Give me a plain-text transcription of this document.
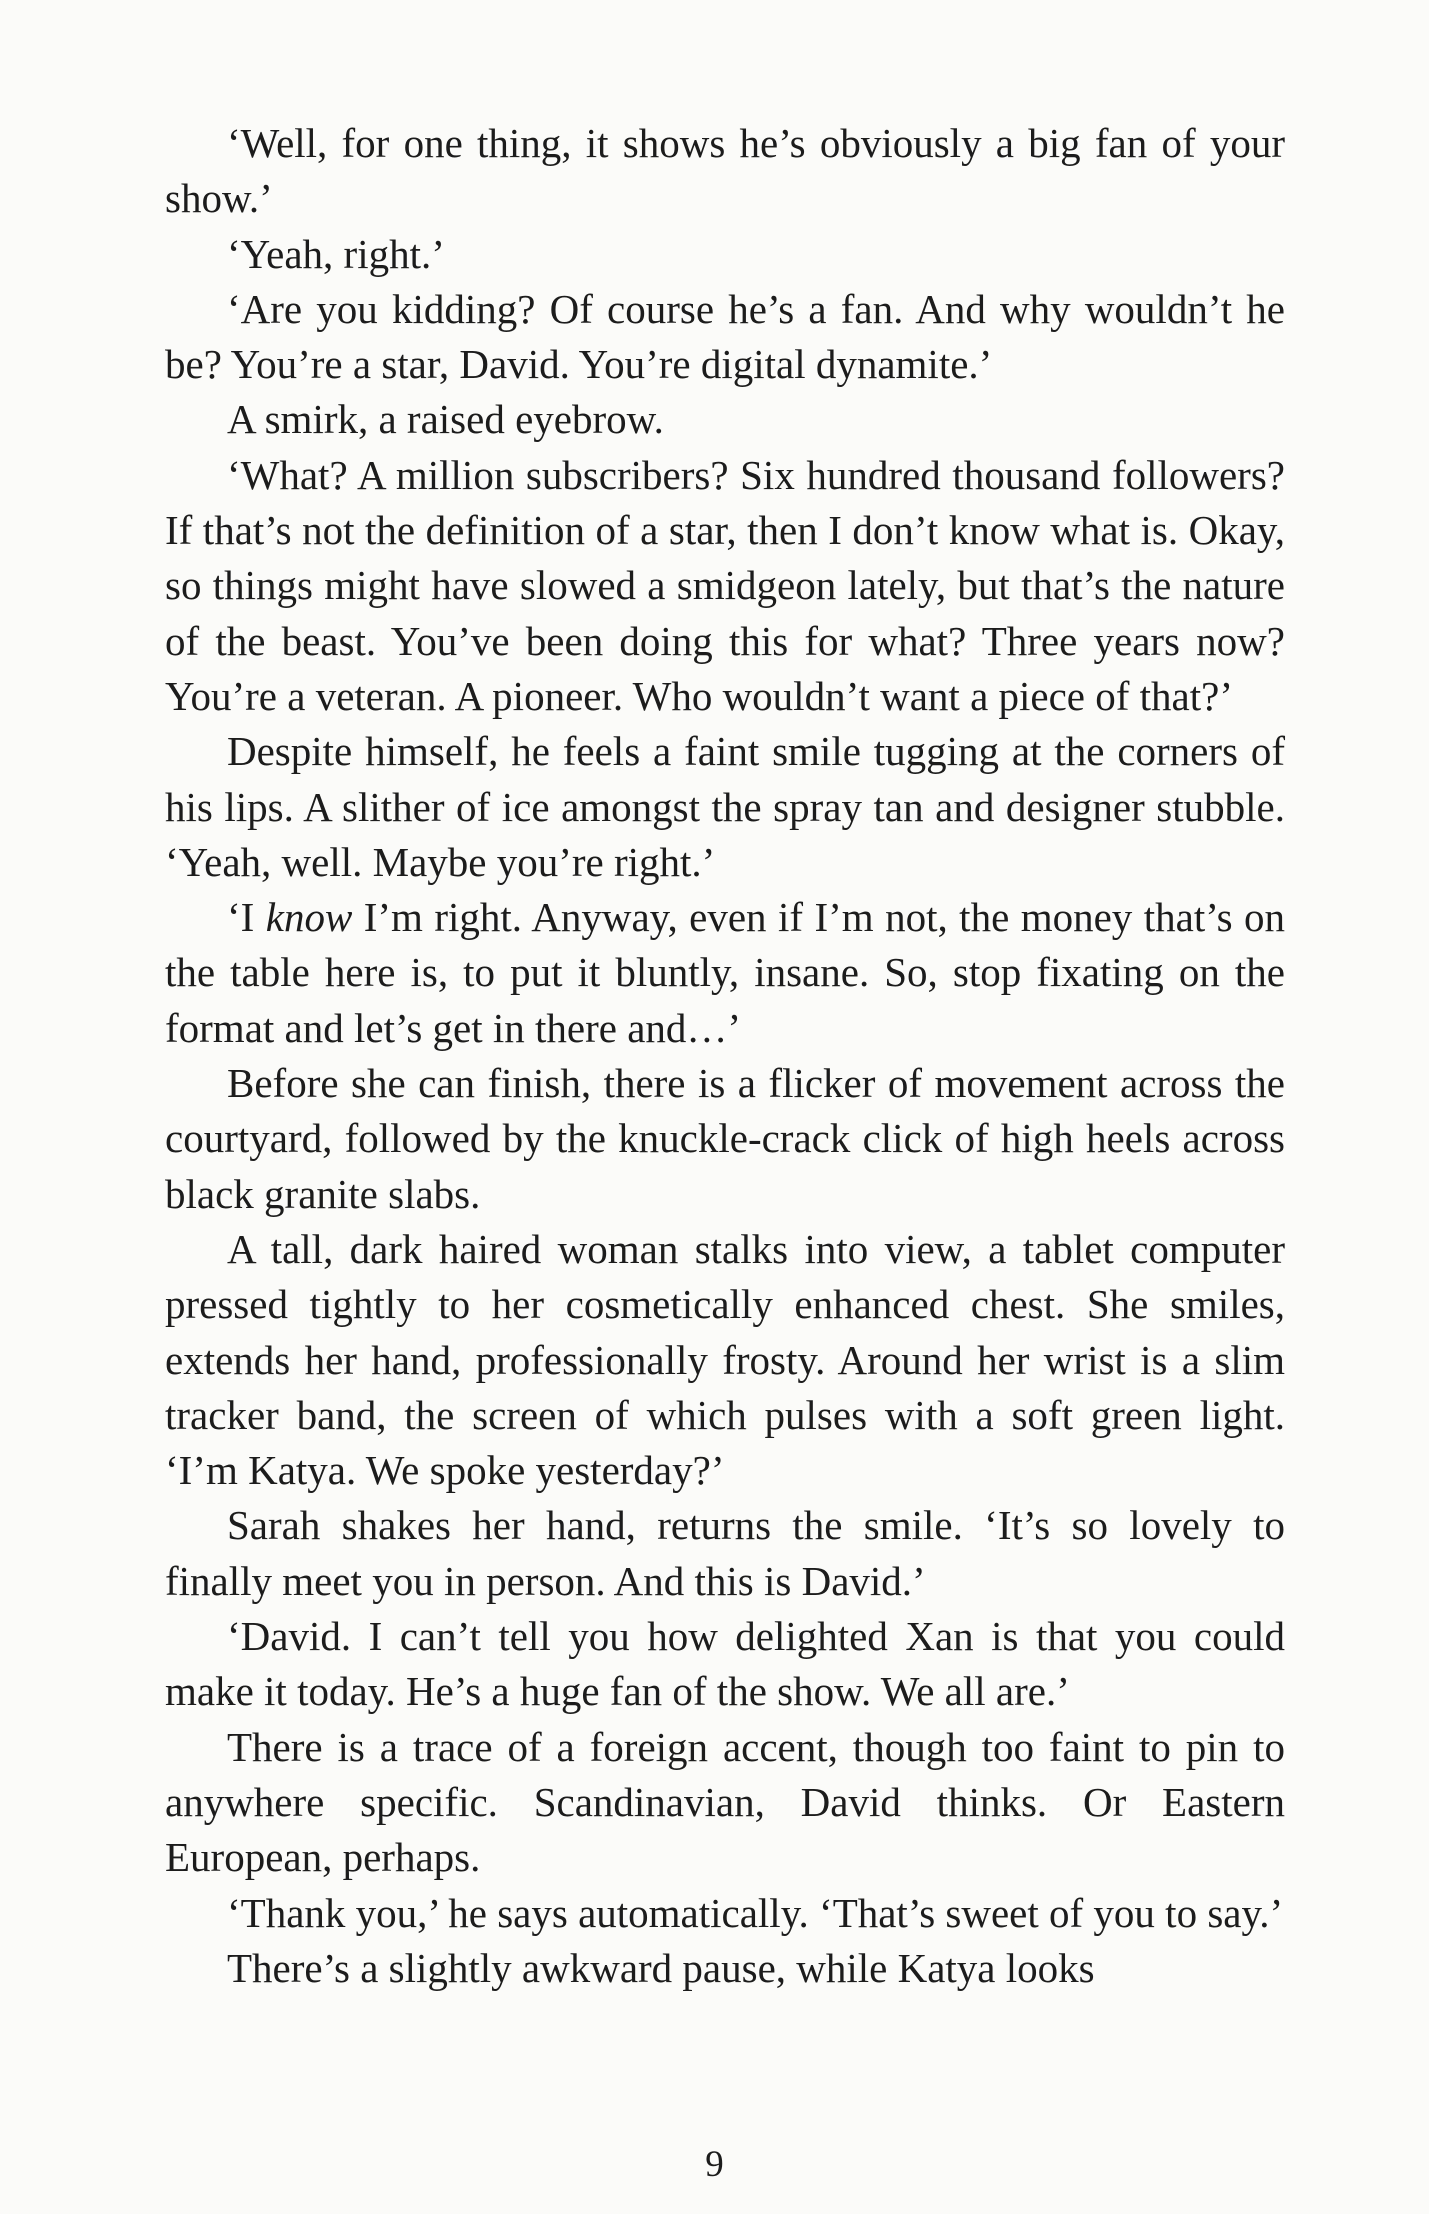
‘Well, for one thing, it shows he’s obviously a big fan of your show.’

‘Yeah, right.’

‘Are you kidding? Of course he’s a fan. And why wouldn’t he be? You’re a star, David. You’re digital dynamite.’

A smirk, a raised eyebrow.

‘What? A million subscribers? Six hundred thousand followers? If that’s not the definition of a star, then I don’t know what is. Okay, so things might have slowed a smidgeon lately, but that’s the nature of the beast. You’ve been doing this for what? Three years now? You’re a veteran. A pioneer. Who wouldn’t want a piece of that?’

Despite himself, he feels a faint smile tugging at the corners of his lips. A slither of ice amongst the spray tan and designer stubble. ‘Yeah, well. Maybe you’re right.’

‘I know I’m right. Anyway, even if I’m not, the money that’s on the table here is, to put it bluntly, insane. So, stop fixating on the format and let’s get in there and…’

Before she can finish, there is a flicker of movement across the courtyard, followed by the knuckle-crack click of high heels across black granite slabs.

A tall, dark haired woman stalks into view, a tablet computer pressed tightly to her cosmetically enhanced chest. She smiles, extends her hand, professionally frosty. Around her wrist is a slim tracker band, the screen of which pulses with a soft green light. ‘I’m Katya. We spoke yesterday?’

Sarah shakes her hand, returns the smile. ‘It’s so lovely to finally meet you in person. And this is David.’

‘David. I can’t tell you how delighted Xan is that you could make it today. He’s a huge fan of the show. We all are.’

There is a trace of a foreign accent, though too faint to pin to anywhere specific. Scandinavian, David thinks. Or Eastern European, perhaps.

‘Thank you,’ he says automatically. ‘That’s sweet of you to say.’

There’s a slightly awkward pause, while Katya looks

9
